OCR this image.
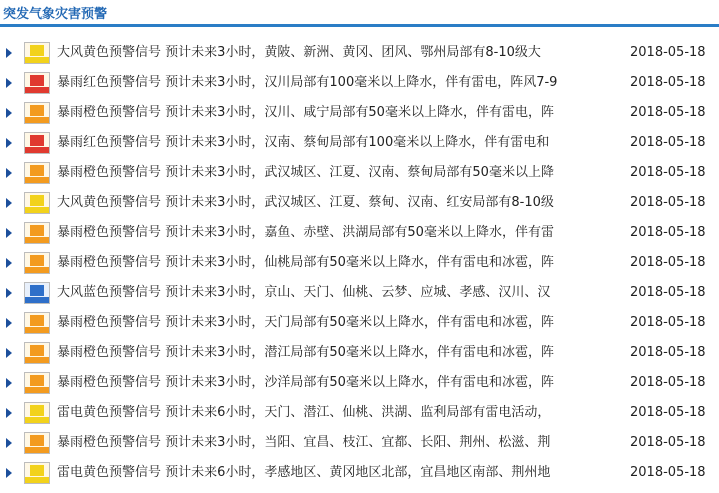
突发气象灾害预警
大风黄色预警信号 预计未来3小时，黄陂、新洲、黄冈、团风、鄂州局部有8-10级大	2018-05-18
暴雨红色预警信号 预计未来3小时，汉川局部有100毫米以上降水，伴有雷电，阵风7-9	2018-05-18
暴雨橙色预警信号 预计未来3小时，汉川、咸宁局部有50毫米以上降水，伴有雷电，阵	2018-05-18
暴雨红色预警信号 预计未来3小时，汉南、蔡甸局部有100毫米以上降水，伴有雷电和	2018-05-18
暴雨橙色预警信号 预计未来3小时，武汉城区、江夏、汉南、蔡甸局部有50毫米以上降	2018-05-18
大风黄色预警信号 预计未来3小时，武汉城区、江夏、蔡甸、汉南、红安局部有8-10级	2018-05-18
暴雨橙色预警信号 预计未来3小时，嘉鱼、赤壁、洪湖局部有50毫米以上降水，伴有雷	2018-05-18
暴雨橙色预警信号 预计未来3小时，仙桃局部有50毫米以上降水，伴有雷电和冰雹，阵	2018-05-18
大风蓝色预警信号 预计未来3小时，京山、天门、仙桃、云梦、应城、孝感、汉川、汉	2018-05-18
暴雨橙色预警信号 预计未来3小时，天门局部有50毫米以上降水，伴有雷电和冰雹，阵	2018-05-18
暴雨橙色预警信号 预计未来3小时，潜江局部有50毫米以上降水，伴有雷电和冰雹，阵	2018-05-18
暴雨橙色预警信号 预计未来3小时，沙洋局部有50毫米以上降水，伴有雷电和冰雹，阵	2018-05-18
雷电黄色预警信号 预计未来6小时，天门、潜江、仙桃、洪湖、监利局部有雷电活动，	2018-05-18
暴雨橙色预警信号 预计未来3小时，当阳、宜昌、枝江、宜都、长阳、荆州、松滋、荆	2018-05-18
雷电黄色预警信号 预计未来6小时，孝感地区、黄冈地区北部，宜昌地区南部、荆州地	2018-05-18
